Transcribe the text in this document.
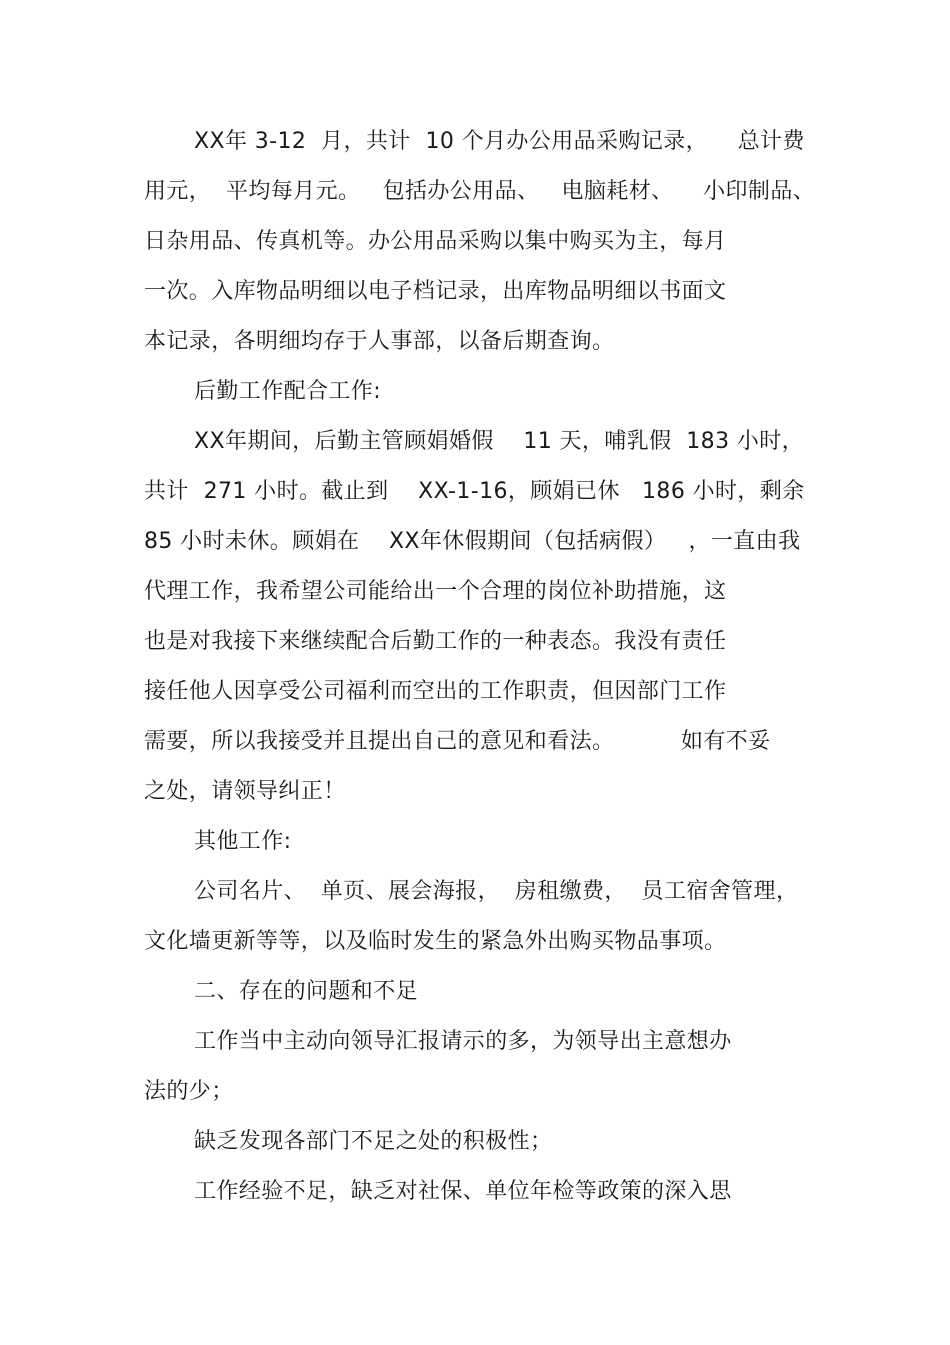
XX年 3-12  月，共计  10 个月办公用品采购记录，    总计费
用元，  平均每月元。   包括办公用品、   电脑耗材、    小印制品、
日杂用品、传真机等。办公用品采购以集中购买为主，每月
一次。入库物品明细以电子档记录，出库物品明细以书面文
本记录，各明细均存于人事部，以备后期查询。
后勤工作配合工作:
XX年期间，后勤主管顾娟婚假    11 天，哺乳假  183 小时，
共计  271 小时。截止到    XX-1-16，顾娟已休   186 小时，剩余
85 小时未休。顾娟在    XX年休假期间（包括病假）   ，一直由我
代理工作，我希望公司能给出一个合理的岗位补助措施，这
也是对我接下来继续配合后勤工作的一种表态。我没有责任
接任他人因享受公司福利而空出的工作职责，但因部门工作
需要，所以我接受并且提出自己的意见和看法。         如有不妥
之处，请领导纠正！
其他工作:
公司名片、  单页、展会海报，  房租缴费，  员工宿舍管理，
文化墙更新等等，以及临时发生的紧急外出购买物品事项。
二、存在的问题和不足
工作当中主动向领导汇报请示的多，为领导出主意想办
法的少；
缺乏发现各部门不足之处的积极性；
工作经验不足，缺乏对社保、单位年检等政策的深入思
